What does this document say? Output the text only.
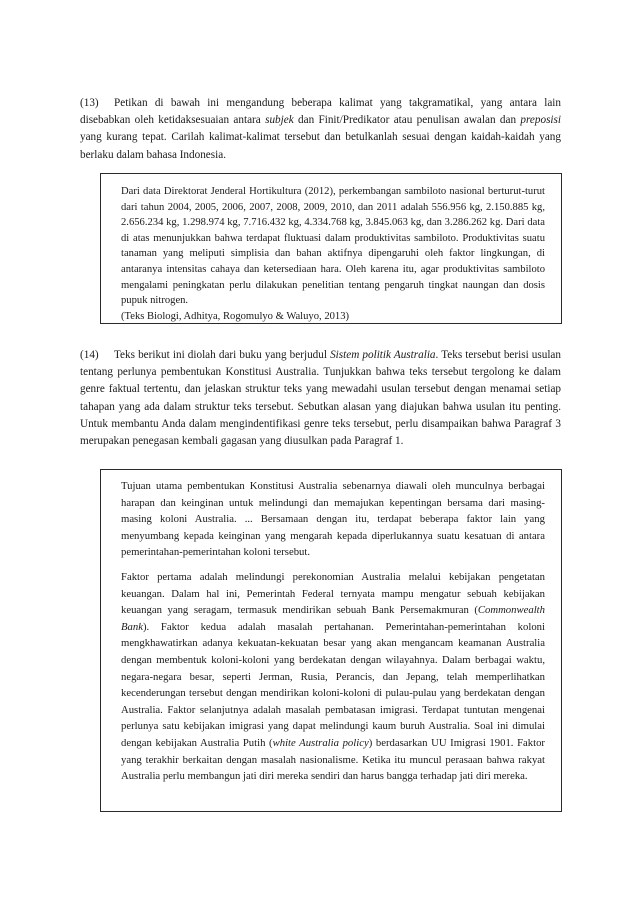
(13) Petikan di bawah ini mengandung beberapa kalimat yang takgramatikal, yang antara lain disebabkan oleh ketidaksesuaian antara subjek dan Finit/Predikator atau penulisan awalan dan preposisi yang kurang tepat. Carilah kalimat-kalimat tersebut dan betulkanlah sesuai dengan kaidah-kaidah yang berlaku dalam bahasa Indonesia.

Dari data Direktorat Jenderal Hortikultura (2012), perkembangan sambiloto nasional berturut-turut dari tahun 2004, 2005, 2006, 2007, 2008, 2009, 2010, dan 2011 adalah 556.956 kg, 2.150.885 kg, 2.656.234 kg, 1.298.974 kg, 7.716.432 kg, 4.334.768 kg, 3.845.063 kg, dan 3.286.262 kg. Dari data di atas menunjukkan bahwa terdapat fluktuasi dalam produktivitas sambiloto. Produktivitas suatu tanaman yang meliputi simplisia dan bahan aktifnya dipengaruhi oleh faktor lingkungan, di antaranya intensitas cahaya dan ketersediaan hara. Oleh karena itu, agar produktivitas sambiloto mengalami peningkatan perlu dilakukan penelitian tentang pengaruh tingkat naungan dan dosis pupuk nitrogen.

(Teks Biologi, Adhitya, Rogomulyo & Waluyo, 2013)

(14) Teks berikut ini diolah dari buku yang berjudul Sistem politik Australia. Teks tersebut berisi usulan tentang perlunya pembentukan Konstitusi Australia. Tunjukkan bahwa teks tersebut tergolong ke dalam genre faktual tertentu, dan jelaskan struktur teks yang mewadahi usulan tersebut dengan menamai setiap tahapan yang ada dalam struktur teks tersebut. Sebutkan alasan yang diajukan bahwa usulan itu penting. Untuk membantu Anda dalam mengindentifikasi genre teks tersebut, perlu disampaikan bahwa Paragraf 3 merupakan penegasan kembali gagasan yang diusulkan pada Paragraf 1.

Tujuan utama pembentukan Konstitusi Australia sebenarnya diawali oleh munculnya berbagai harapan dan keinginan untuk melindungi dan memajukan kepentingan bersama dari masing-masing koloni Australia. ... Bersamaan dengan itu, terdapat beberapa faktor lain yang menyumbang kepada keinginan yang mengarah kepada diperlukannya suatu kesatuan di antara pemerintahan-pemerintahan koloni tersebut.

Faktor pertama adalah melindungi perekonomian Australia melalui kebijakan pengetatan keuangan. Dalam hal ini, Pemerintah Federal ternyata mampu mengatur sebuah kebijakan keuangan yang seragam, termasuk mendirikan sebuah Bank Persemakmuran (Commonwealth Bank). Faktor kedua adalah masalah pertahanan. Pemerintahan-pemerintahan koloni mengkhawatirkan adanya kekuatan-kekuatan besar yang akan mengancam keamanan Australia dengan membentuk koloni-koloni yang berdekatan dengan wilayahnya. Dalam berbagai waktu, negara-negara besar, seperti Jerman, Rusia, Perancis, dan Jepang, telah memperlihatkan kecenderungan tersebut dengan mendirikan koloni-koloni di pulau-pulau yang berdekatan dengan Australia. Faktor selanjutnya adalah masalah pembatasan imigrasi. Terdapat tuntutan mengenai perlunya satu kebijakan imigrasi yang dapat melindungi kaum buruh Australia. Soal ini dimulai dengan kebijakan Australia Putih (white Australia policy) berdasarkan UU Imigrasi 1901. Faktor yang terakhir berkaitan dengan masalah nasionalisme. Ketika itu muncul perasaan bahwa rakyat Australia perlu membangun jati diri mereka sendiri dan harus bangga terhadap jati diri mereka.
